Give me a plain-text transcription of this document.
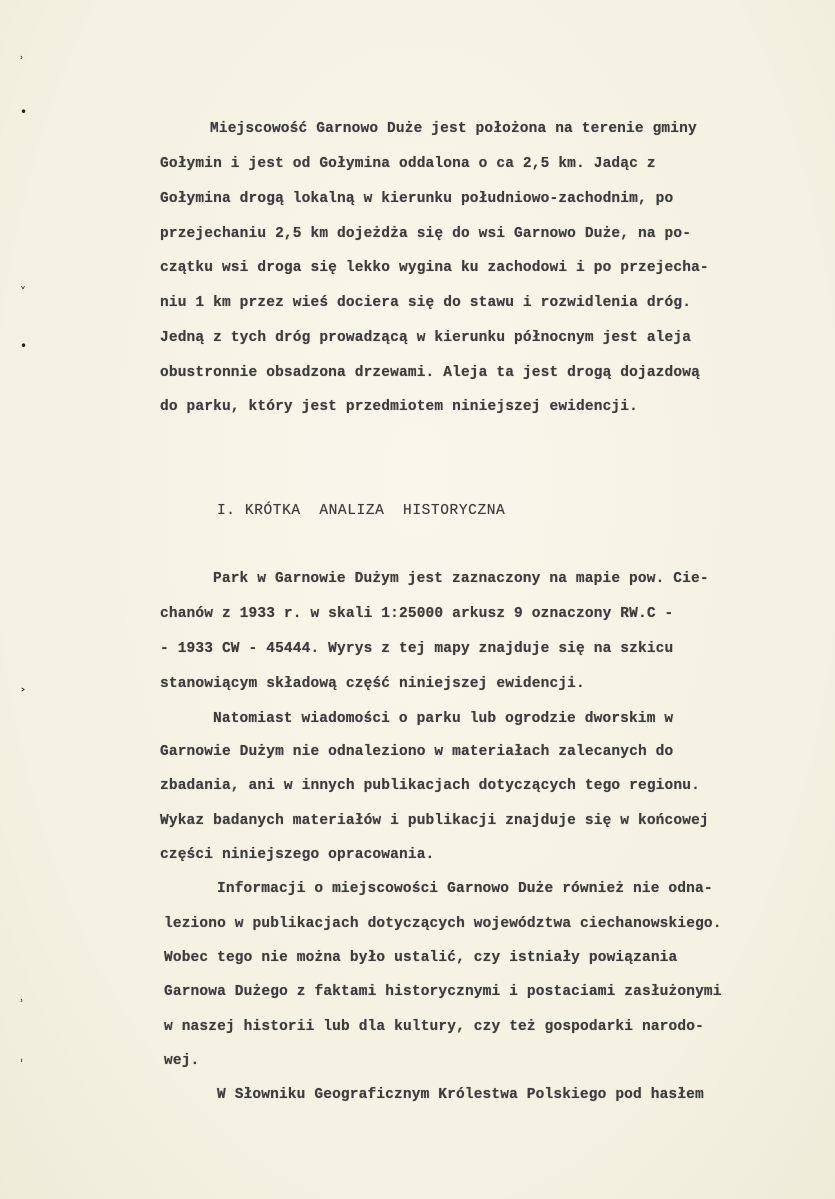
˒
•
˅
•
˃
˒
ˌ
Miejscowość Garnowo Duże jest położona na terenie gminy
Gołymin i jest od Gołymina oddalona o ca 2,5 km. Jadąc z
Gołymina drogą lokalną w kierunku południowo-zachodnim, po
przejechaniu 2,5 km dojeżdża się do wsi Garnowo Duże, na po-
czątku wsi droga się lekko wygina ku zachodowi i po przejecha-
niu 1 km przez wieś dociera się do stawu i rozwidlenia dróg.
Jedną z tych dróg prowadzącą w kierunku północnym jest aleja
obustronnie obsadzona drzewami. Aleja ta jest drogą dojazdową
do parku, który jest przedmiotem niniejszej ewidencji.
I. KRÓTKA  ANALIZA  HISTORYCZNA
Park w Garnowie Dużym jest zaznaczony na mapie pow. Cie-
chanów z 1933 r. w skali 1:25000 arkusz 9 oznaczony RW.C -
- 1933 CW - 45444. Wyrys z tej mapy znajduje się na szkicu
stanowiącym składową część niniejszej ewidencji.
Natomiast wiadomości o parku lub ogrodzie dworskim w
Garnowie Dużym nie odnaleziono w materiałach zalecanych do
zbadania, ani w innych publikacjach dotyczących tego regionu.
Wykaz badanych materiałów i publikacji znajduje się w końcowej
części niniejszego opracowania.
Informacji o miejscowości Garnowo Duże również nie odna-
leziono w publikacjach dotyczących województwa ciechanowskiego.
Wobec tego nie można było ustalić, czy istniały powiązania
Garnowa Dużego z faktami historycznymi i postaciami zasłużonymi
w naszej historii lub dla kultury, czy też gospodarki narodo-
wej.
W Słowniku Geograficznym Królestwa Polskiego pod hasłem
